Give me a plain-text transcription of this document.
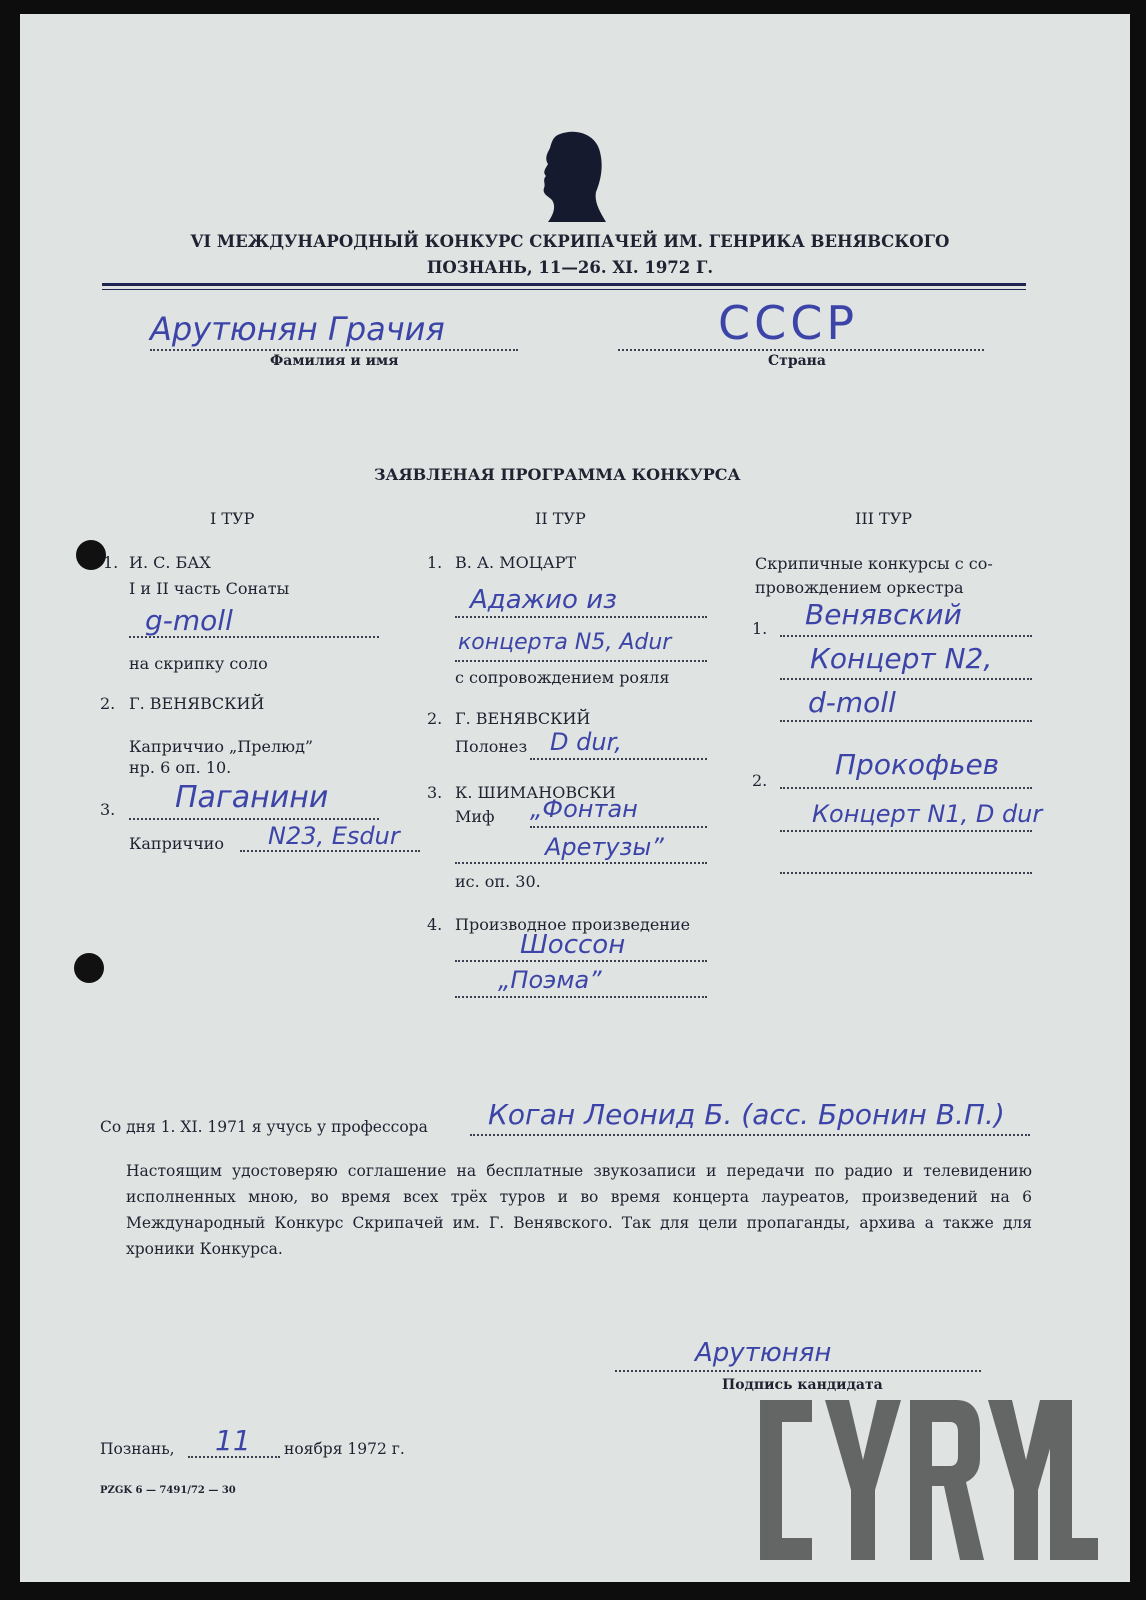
VI МЕЖДУНАРОДНЫЙ КОНКУРС СКРИПАЧЕЙ ИМ. ГЕНРИКА ВЕНЯВСКОГО
ПОЗНАНЬ, 11—26. XI. 1972 Г.
Арутюнян Грачия
Фамилия и имя
СССР
Страна
ЗАЯВЛЕНАЯ ПРОГРАММА КОНКУРСА
I ТУР	II ТУР	III ТУР
1. И. С. БАХ
I и II часть Сонаты
g-moll
на скрипку соло
2. Г. ВЕНЯВСКИЙ
Каприччио „Прелюд”
нр. 6 оп. 10.
3. Паганини
Каприччио N23, Esdur
1. В. А. МОЦАРТ
Адажио из
концерта N5, Adur
с сопровождением рояля
2. Г. ВЕНЯВСКИЙ
Полонез D dur,
3. К. ШИМАНОВСКИ
Миф „Фонтан
Аретузы”
ис. оп. 30.
4. Производное произведение
Шоссон
„Поэма”
Скрипичные конкурсы с со-
провождением оркестра
1. Венявский
Концерт N2,
d-moll
2. Прокофьев
Концерт N1, D dur
Со дня 1. XI. 1971 я учусь у профессора Коган Леонид Б. (асс. Бронин В.П.)
Настоящим удостоверяю соглашение на бесплатные звукозаписи и передачи по радио и телевидению исполненных мною, во время всех трёх туров и во время концерта лауреатов, произведений на 6 Международный Конкурс Скрипачей им. Г. Венявского. Так для цели пропаганды, архива а также для хроники Конкурса.
Арутюнян
Подпись кандидата
Познань, 11 ноября 1972 г.
PZGK 6 — 7491/72 — 30
